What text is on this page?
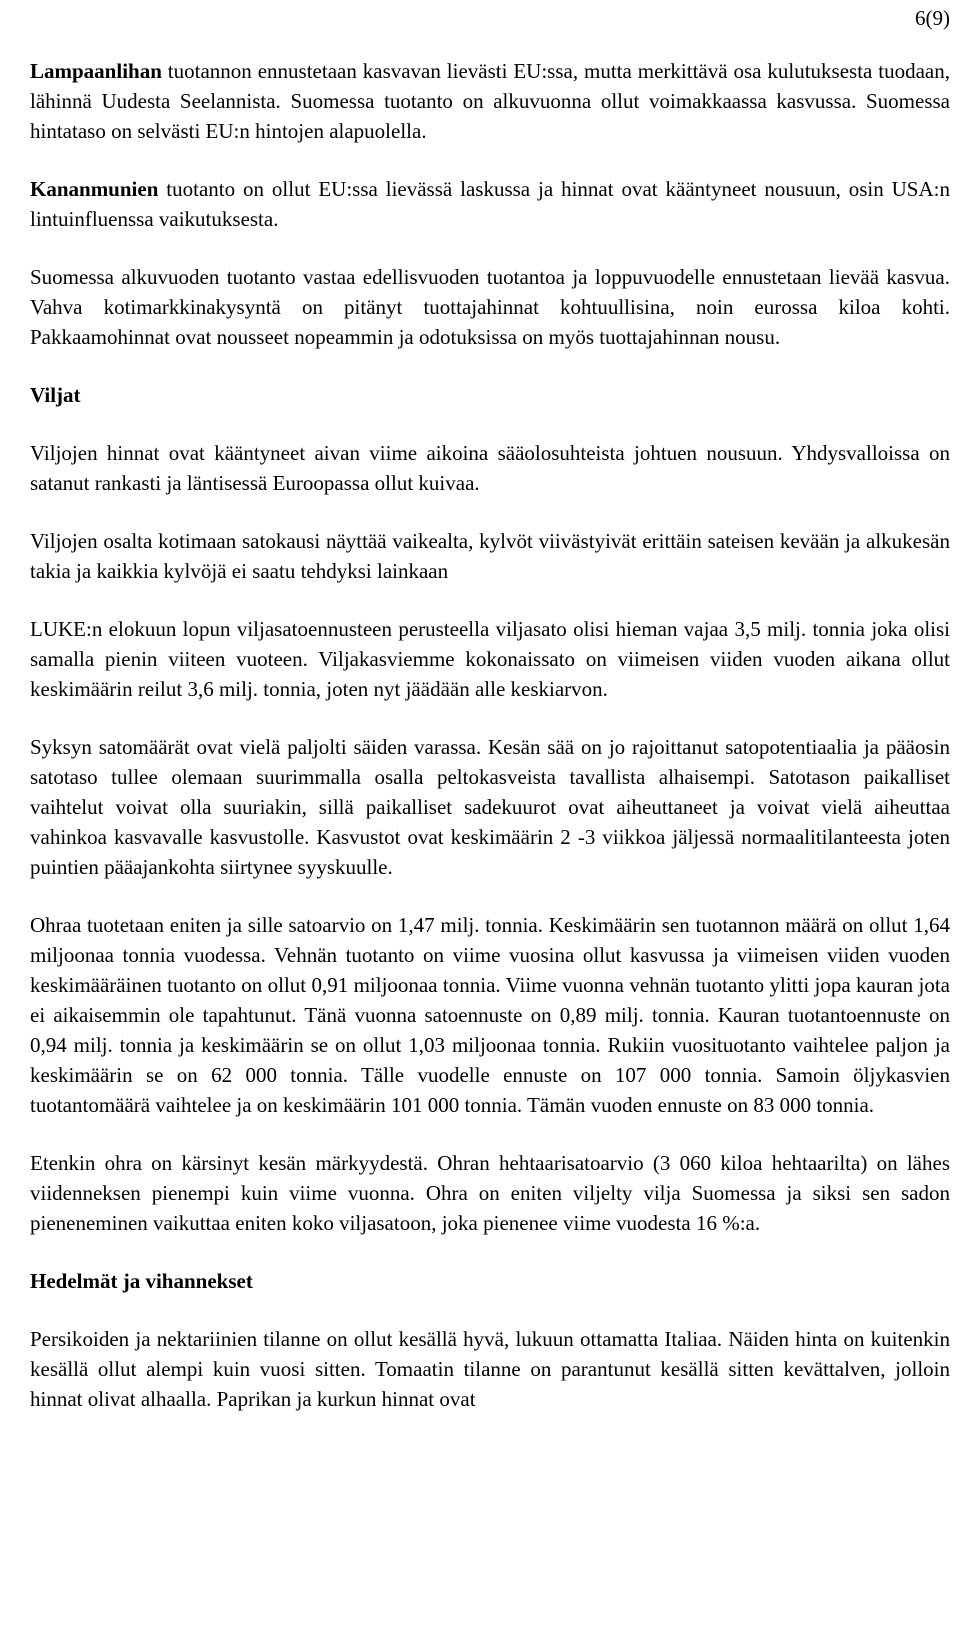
6(9)

Lampaanlihan tuotannon ennustetaan kasvavan lievästi EU:ssa, mutta merkittävä osa kulutuksesta tuodaan, lähinnä Uudesta Seelannista. Suomessa tuotanto on alkuvuonna ollut voimakkaassa kasvussa. Suomessa hintataso on selvästi EU:n hintojen alapuolella.

Kananmunien tuotanto on ollut EU:ssa lievässä laskussa ja hinnat ovat kääntyneet nousuun, osin USA:n lintuinfluenssa vaikutuksesta.

Suomessa alkuvuoden tuotanto vastaa edellisvuoden tuotantoa ja loppuvuodelle ennustetaan lievää kasvua. Vahva kotimarkkinakysyntä on pitänyt tuottajahinnat kohtuullisina, noin eurossa kiloa kohti. Pakkaamohinnat ovat nousseet nopeammin ja odotuksissa on myös tuottajahinnan nousu.

Viljat

Viljojen hinnat ovat kääntyneet aivan viime aikoina sääolosuhteista johtuen nousuun. Yhdysvalloissa on satanut rankasti ja läntisessä Euroopassa ollut kuivaa.

Viljojen osalta kotimaan satokausi näyttää vaikealta, kylvöt viivästyivät erittäin sateisen kevään ja alkukesän takia ja kaikkia kylvöjä ei saatu tehdyksi lainkaan

LUKE:n elokuun lopun viljasatoennusteen perusteella viljasato olisi hieman vajaa 3,5 milj. tonnia joka olisi samalla pienin viiteen vuoteen. Viljakasviemme kokonaissato on viimeisen viiden vuoden aikana ollut keskimäärin reilut 3,6 milj. tonnia, joten nyt jäädään alle keskiarvon.

Syksyn satomäärät ovat vielä paljolti säiden varassa. Kesän sää on jo rajoittanut satopotentiaalia ja pääosin satotaso tullee olemaan suurimmalla osalla peltokasveista tavallista alhaisempi. Satotason paikalliset vaihtelut voivat olla suuriakin, sillä paikalliset sadekuurot ovat aiheuttaneet ja voivat vielä aiheuttaa vahinkoa kasvavalle kasvustolle. Kasvustot ovat keskimäärin 2 -3 viikkoa jäljessä normaalitilanteesta joten puintien pääajankohta siirtynee syyskuulle.

Ohraa tuotetaan eniten ja sille satoarvio on 1,47 milj. tonnia. Keskimäärin sen tuotannon määrä on ollut 1,64 miljoonaa tonnia vuodessa. Vehnän tuotanto on viime vuosina ollut kasvussa ja viimeisen viiden vuoden keskimääräinen tuotanto on ollut 0,91 miljoonaa tonnia. Viime vuonna vehnän tuotanto ylitti jopa kauran jota ei aikaisemmin ole tapahtunut. Tänä vuonna satoennuste on 0,89 milj. tonnia. Kauran tuotantoennuste on 0,94 milj. tonnia ja keskimäärin se on ollut 1,03 miljoonaa tonnia. Rukiin vuosituotanto vaihtelee paljon ja keskimäärin se on 62 000 tonnia. Tälle vuodelle ennuste on 107 000 tonnia. Samoin öljykasvien tuotantomäärä vaihtelee ja on keskimäärin 101 000 tonnia. Tämän vuoden ennuste on 83 000 tonnia.

Etenkin ohra on kärsinyt kesän märkyydestä. Ohran hehtaarisatoarvio (3 060 kiloa hehtaarilta) on lähes viidenneksen pienempi kuin viime vuonna. Ohra on eniten viljelty vilja Suomessa ja siksi sen sadon pieneneminen vaikuttaa eniten koko viljasatoon, joka pienenee viime vuodesta 16 %:a.

Hedelmät ja vihannekset

Persikoiden ja nektariinien tilanne on ollut kesällä hyvä, lukuun ottamatta Italiaa. Näiden hinta on kuitenkin kesällä ollut alempi kuin vuosi sitten. Tomaatin tilanne on parantunut kesällä sitten kevättalven, jolloin hinnat olivat alhaalla. Paprikan ja kurkun hinnat ovat
